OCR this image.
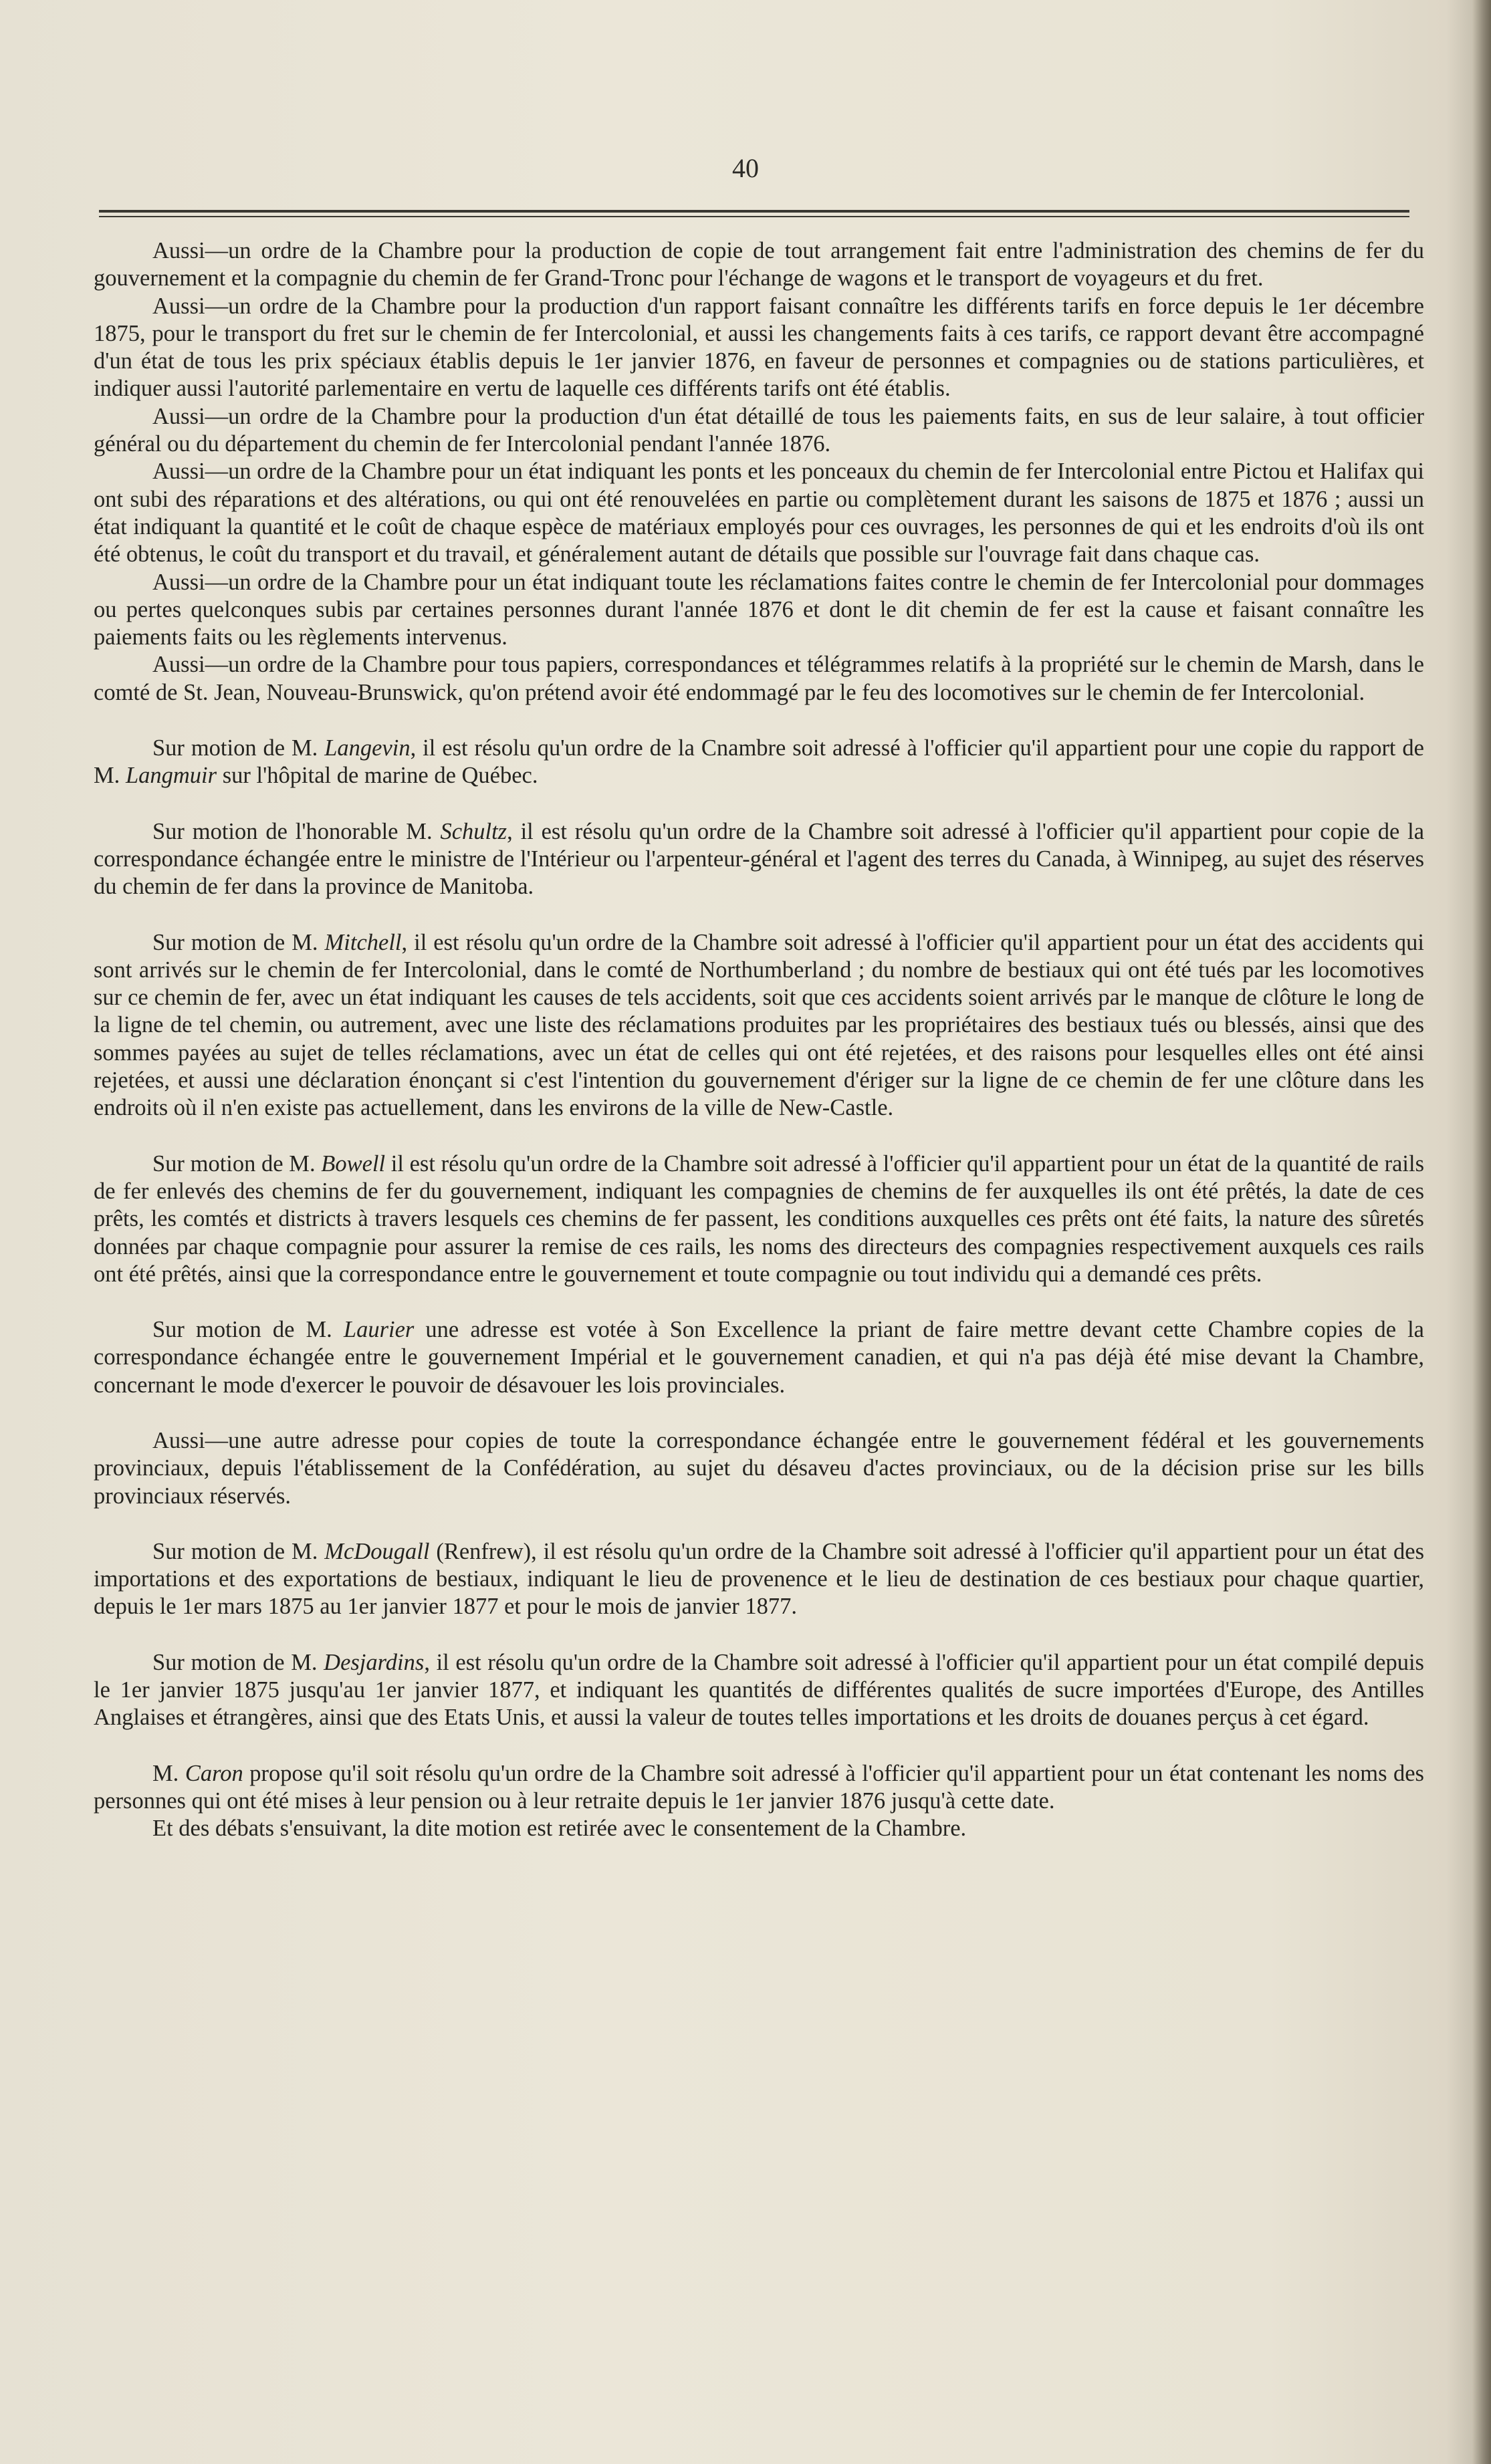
40

Aussi—un ordre de la Chambre pour la production de copie de tout arrangement fait entre l'administration des chemins de fer du gouvernement et la compagnie du chemin de fer Grand-Tronc pour l'échange de wagons et le transport de voyageurs et du fret.

Aussi—un ordre de la Chambre pour la production d'un rapport faisant connaître les différents tarifs en force depuis le 1er décembre 1875, pour le transport du fret sur le chemin de fer Intercolonial, et aussi les changements faits à ces tarifs, ce rapport devant être accompagné d'un état de tous les prix spéciaux établis depuis le 1er janvier 1876, en faveur de personnes et compagnies ou de stations particulières, et indiquer aussi l'autorité parlementaire en vertu de laquelle ces différents tarifs ont été établis.

Aussi—un ordre de la Chambre pour la production d'un état détaillé de tous les paiements faits, en sus de leur salaire, à tout officier général ou du département du chemin de fer Intercolonial pendant l'année 1876.

Aussi—un ordre de la Chambre pour un état indiquant les ponts et les ponceaux du chemin de fer Intercolonial entre Pictou et Halifax qui ont subi des réparations et des altérations, ou qui ont été renouvelées en partie ou complètement durant les saisons de 1875 et 1876 ; aussi un état indiquant la quantité et le coût de chaque espèce de matériaux employés pour ces ouvrages, les personnes de qui et les endroits d'où ils ont été obtenus, le coût du transport et du travail, et généralement autant de détails que possible sur l'ouvrage fait dans chaque cas.

Aussi—un ordre de la Chambre pour un état indiquant toute les réclamations faites contre le chemin de fer Intercolonial pour dommages ou pertes quelconques subis par certaines personnes durant l'année 1876 et dont le dit chemin de fer est la cause et faisant connaître les paiements faits ou les règlements intervenus.

Aussi—un ordre de la Chambre pour tous papiers, correspondances et télégrammes relatifs à la propriété sur le chemin de Marsh, dans le comté de St. Jean, Nouveau-Brunswick, qu'on prétend avoir été endommagé par le feu des locomotives sur le chemin de fer Intercolonial.

Sur motion de M. Langevin, il est résolu qu'un ordre de la Cnambre soit adressé à l'officier qu'il appartient pour une copie du rapport de M. Langmuir sur l'hôpital de marine de Québec.

Sur motion de l'honorable M. Schultz, il est résolu qu'un ordre de la Chambre soit adressé à l'officier qu'il appartient pour copie de la correspondance échangée entre le ministre de l'Intérieur ou l'arpenteur-général et l'agent des terres du Canada, à Winnipeg, au sujet des réserves du chemin de fer dans la province de Manitoba.

Sur motion de M. Mitchell, il est résolu qu'un ordre de la Chambre soit adressé à l'officier qu'il appartient pour un état des accidents qui sont arrivés sur le chemin de fer Intercolonial, dans le comté de Northumberland ; du nombre de bestiaux qui ont été tués par les locomotives sur ce chemin de fer, avec un état indiquant les causes de tels accidents, soit que ces accidents soient arrivés par le manque de clôture le long de la ligne de tel chemin, ou autrement, avec une liste des réclamations produites par les propriétaires des bestiaux tués ou blessés, ainsi que des sommes payées au sujet de telles réclamations, avec un état de celles qui ont été rejetées, et des raisons pour lesquelles elles ont été ainsi rejetées, et aussi une déclaration énonçant si c'est l'intention du gouvernement d'ériger sur la ligne de ce chemin de fer une clôture dans les endroits où il n'en existe pas actuellement, dans les environs de la ville de New-Castle.

Sur motion de M. Bowell il est résolu qu'un ordre de la Chambre soit adressé à l'officier qu'il appartient pour un état de la quantité de rails de fer enlevés des chemins de fer du gouvernement, indiquant les compagnies de chemins de fer auxquelles ils ont été prêtés, la date de ces prêts, les comtés et districts à travers lesquels ces chemins de fer passent, les conditions auxquelles ces prêts ont été faits, la nature des sûretés données par chaque compagnie pour assurer la remise de ces rails, les noms des directeurs des compagnies respectivement auxquels ces rails ont été prêtés, ainsi que la correspondance entre le gouvernement et toute compagnie ou tout individu qui a demandé ces prêts.

Sur motion de M. Laurier une adresse est votée à Son Excellence la priant de faire mettre devant cette Chambre copies de la correspondance échangée entre le gouvernement Impérial et le gouvernement canadien, et qui n'a pas déjà été mise devant la Chambre, concernant le mode d'exercer le pouvoir de désavouer les lois provinciales.

Aussi—une autre adresse pour copies de toute la correspondance échangée entre le gouvernement fédéral et les gouvernements provinciaux, depuis l'établissement de la Confédération, au sujet du désaveu d'actes provinciaux, ou de la décision prise sur les bills provinciaux réservés.

Sur motion de M. McDougall (Renfrew), il est résolu qu'un ordre de la Chambre soit adressé à l'officier qu'il appartient pour un état des importations et des exportations de bestiaux, indiquant le lieu de provenence et le lieu de destination de ces bestiaux pour chaque quartier, depuis le 1er mars 1875 au 1er janvier 1877 et pour le mois de janvier 1877.

Sur motion de M. Desjardins, il est résolu qu'un ordre de la Chambre soit adressé à l'officier qu'il appartient pour un état compilé depuis le 1er janvier 1875 jusqu'au 1er janvier 1877, et indiquant les quantités de différentes qualités de sucre importées d'Europe, des Antilles Anglaises et étrangères, ainsi que des Etats Unis, et aussi la valeur de toutes telles importations et les droits de douanes perçus à cet égard.

M. Caron propose qu'il soit résolu qu'un ordre de la Chambre soit adressé à l'officier qu'il appartient pour un état contenant les noms des personnes qui ont été mises à leur pension ou à leur retraite depuis le 1er janvier 1876 jusqu'à cette date.

Et des débats s'ensuivant, la dite motion est retirée avec le consentement de la Chambre.
